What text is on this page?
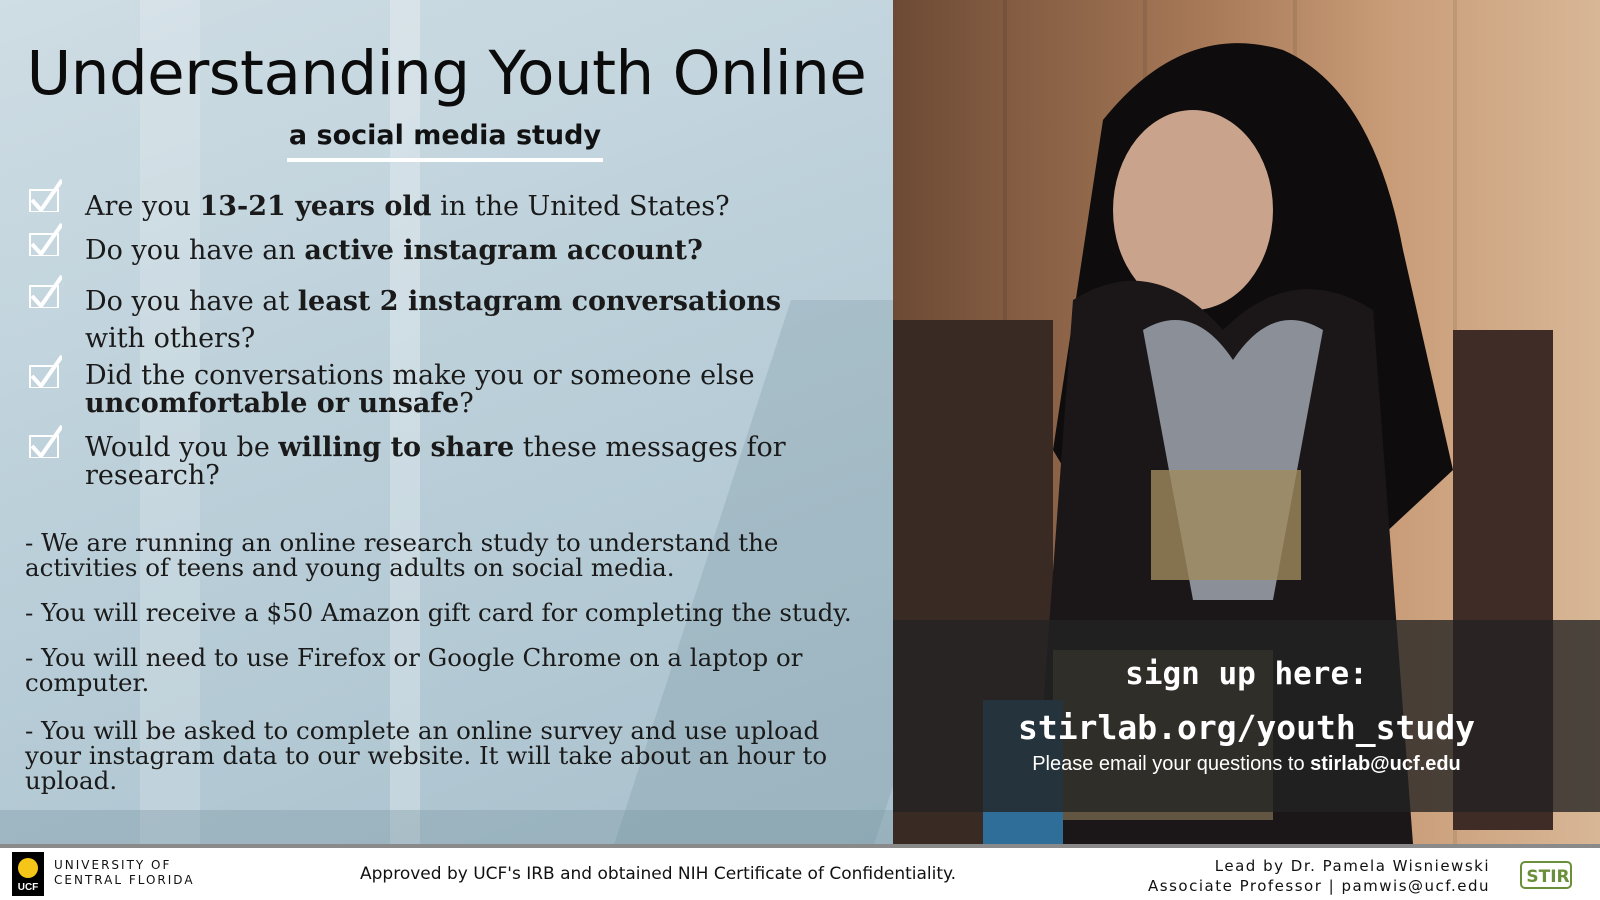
Understanding Youth Online
a social media study
Are you 13-21 years old in the United States?
Do you have an active instagram account?
Do you have at least 2 instagram conversations with others?
Did the conversations make you or someone else uncomfortable or unsafe?
Would you be willing to share these messages for research?
- We are running an online research study to understand the activities of teens and young adults on social media.
- You will receive a $50 Amazon gift card for completing the study.
- You will need to use Firefox or Google Chrome on a laptop or computer.
- You will be asked to complete an online survey and use upload your instagram data to our website. It will take about an hour to upload.
sign up here:
stirlab.org/youth_study
Please email your questions to stirlab@ucf.edu
UCF
UNIVERSITY OF
CENTRAL FLORIDA	Approved by UCF's IRB and obtained NIH Certificate of Confidentiality.	Lead by Dr. Pamela Wisniewski
Associate Professor | pamwis@ucf.edu STIR
